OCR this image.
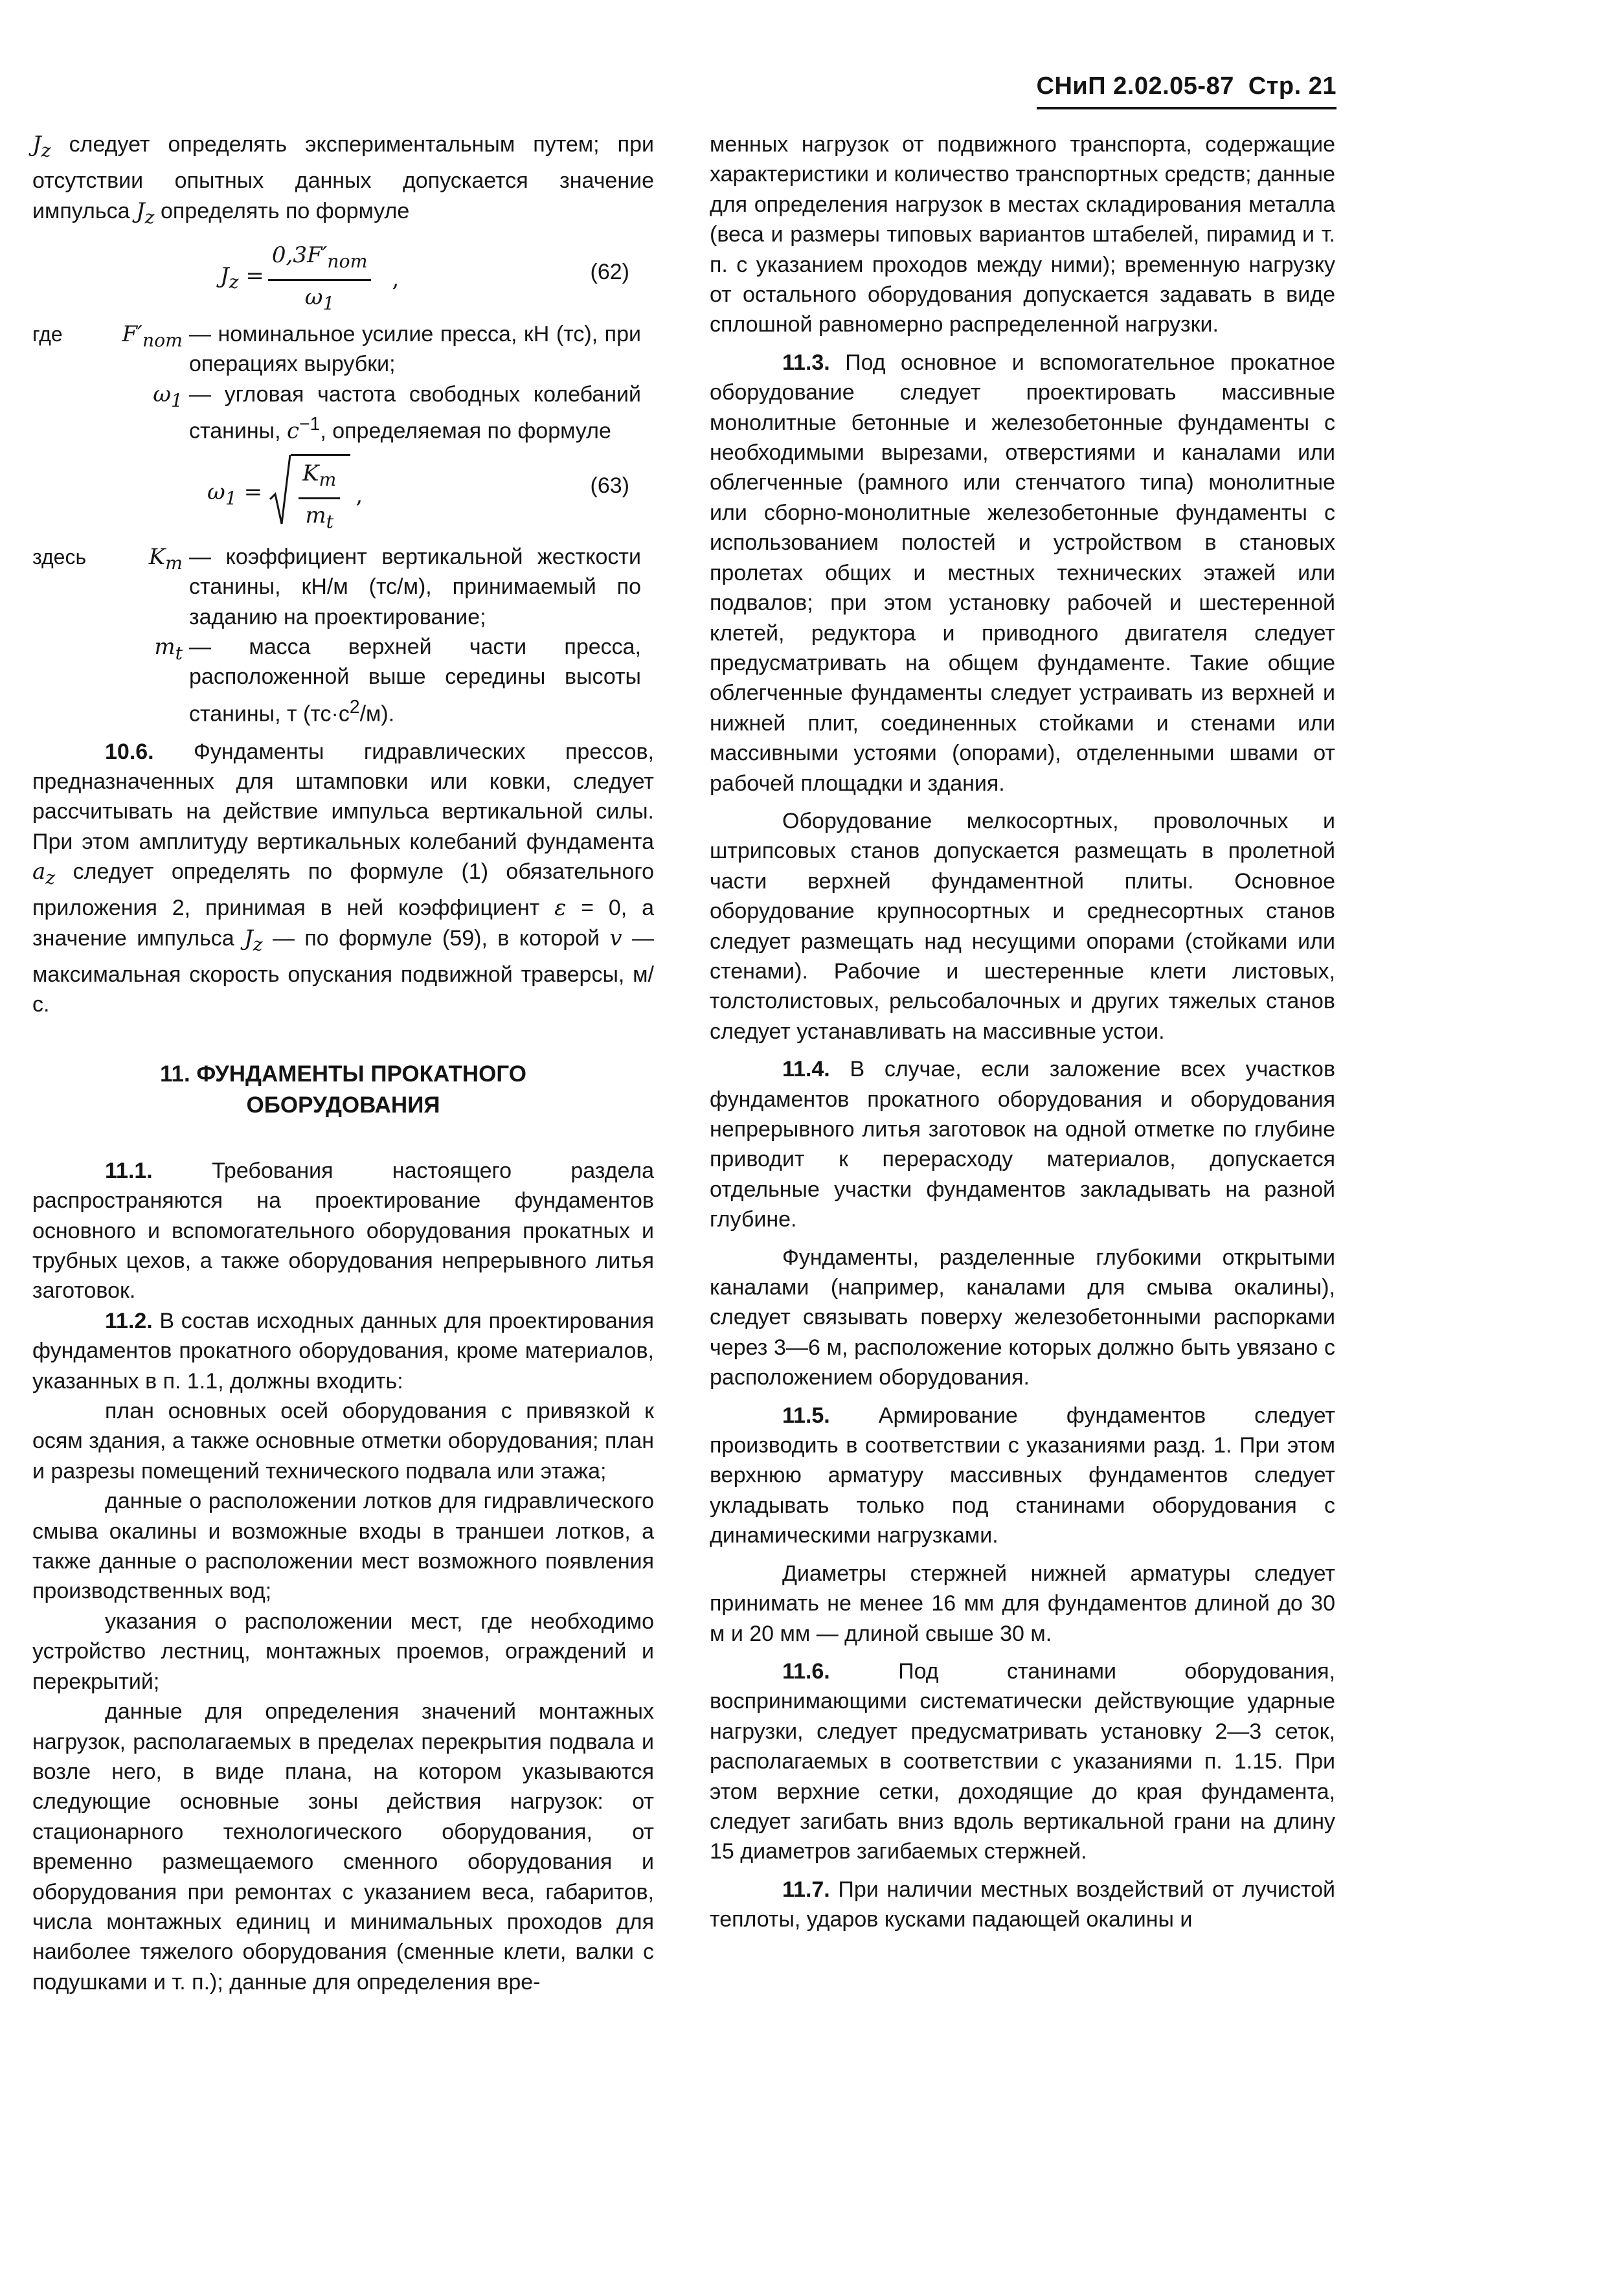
СНиП 2.02.05-87 Стр. 21

$J_z$ следует определять экспериментальным путем; при отсутствии опытных данных допускается значение импульса $J_z$ определять по формуле

$J_z = \frac{0,3F'_{nom}}{\omega_1}$ ,	(62)
где	$F'_{nom}$ — номинальное усилие пресса, кН (тс), при операциях вырубки;
$\omega_1$ — угловая частота свободных колебаний станины, $c^{-1}$, определяемая по формуле
$\omega_1 = \frac{K_m}{m_t}$ ,	(63)
здесь	$K_m$ — коэффициент вертикальной жесткости станины, кН/м (тс/м), принимаемый по заданию на проектирование;
$m_t$ — масса верхней части пресса, расположенной выше середины высоты станины, т $(тс\cdot с^2/м)$.

10.6. Фундаменты гидравлических прессов, предназначенных для штамповки или ковки, следует рассчитывать на действие импульса вертикальной силы. При этом амплитуду вертикальных колебаний фундамента $a_z$ следует определять по формуле (1) обязательного приложения 2, принимая в ней коэффициент ε = 0, а значение импульса $J_z$ — по формуле (59), в которой v — максимальная скорость опускания подвижной траверсы, м/с.

11. ФУНДАМЕНТЫ ПРОКАТНОГО
ОБОРУДОВАНИЯ

11.1.	Требования настоящего раздела распространяются на проектирование фундаментов основного и вспомогательного оборудования прокатных и трубных цехов, а также оборудования непрерывного литья заготовок.

11.2. В состав исходных данных для проектирования фундаментов прокатного оборудования, кроме материалов, указанных в п. 1.1, должны входить:

план основных осей оборудования с привязкой к осям здания, а также основные отметки оборудования; план и разрезы помещений технического подвала или этажа;

данные о расположении лотков для гидравлического смыва окалины и возможные входы в траншеи лотков, а также данные о расположении мест возможного появления производственных вод;

указания о расположении мест, где необходимо устройство лестниц, монтажных проемов, ограждений и перекрытий;

данные для определения значений монтажных нагрузок, располагаемых в пределах перекрытия подвала и возле него, в виде плана, на котором указываются следующие основные зоны действия нагрузок: от стационарного технологического оборудования, от временно размещаемого сменного оборудования и оборудования при ремонтах с указанием веса, габаритов, числа монтажных единиц и минимальных проходов для наиболее тяжелого оборудования (сменные клети, валки с подушками и т. п.); данные для определения вре-

менных нагрузок от подвижного транспорта, содержащие характеристики и количество транспортных средств; данные для определения нагрузок в местах складирования металла (веса и размеры типовых вариантов штабелей, пирамид и т. п. с указанием проходов между ними); временную нагрузку от остального оборудования допускается задавать в виде сплошной равномерно распределенной нагрузки.

11.3. Под основное и вспомогательное прокатное оборудование следует проектировать массивные монолитные бетонные и железобетонные фундаменты с необходимыми вырезами, отверстиями и каналами или облегченные (рамного или стенчатого типа) монолитные или сборно-монолитные железобетонные фундаменты с использованием полостей и устройством в становых пролетах общих и местных технических этажей или подвалов; при этом установку рабочей и шестеренной клетей, редуктора и приводного двигателя следует предусматривать на общем фундаменте. Такие общие облегченные фундаменты следует устраивать из верхней и нижней плит, соединенных стойками и стенами или массивными устоями (опорами), отделенными швами от рабочей площадки и здания.

Оборудование мелкосортных, проволочных и штрипсовых станов допускается размещать в пролетной части верхней фундаментной плиты. Основное оборудование крупносортных и среднесортных станов следует размещать над несущими опорами (стойками или стенами). Рабочие и шестеренные клети листовых, толстолистовых, рельсобалочных и других тяжелых станов следует устанавливать на массивные устои.

11.4. В случае, если заложение всех участков фундаментов прокатного оборудования и оборудования непрерывного литья заготовок на одной отметке по глубине приводит к перерасходу материалов, допускается отдельные участки фундаментов закладывать на разной глубине.

Фундаменты, разделенные глубокими открытыми каналами (например, каналами для смыва окалины), следует связывать поверху железобетонными распорками через 3—6 м, расположение которых должно быть увязано с расположением оборудования.

11.5. Армирование фундаментов следует производить в соответствии с указаниями разд. 1. При этом верхнюю арматуру массивных фундаментов следует укладывать только под станинами оборудования с динамическими нагрузками.

Диаметры стержней нижней арматуры следует принимать не менее 16 мм для фундаментов длиной до 30 м и 20 мм — длиной свыше 30 м.

11.6.	Под станинами оборудования, воспринимающими систематически действующие ударные нагрузки, следует предусматривать установку 2—3 сеток, располагаемых в соответствии с указаниями п. 1.15. При этом верхние сетки, доходящие до края фундамента, следует загибать вниз вдоль вертикальной грани на длину 15 диаметров загибаемых стержней.

11.7. При наличии местных воздействий от лучистой теплоты, ударов кусками падающей окалины и
